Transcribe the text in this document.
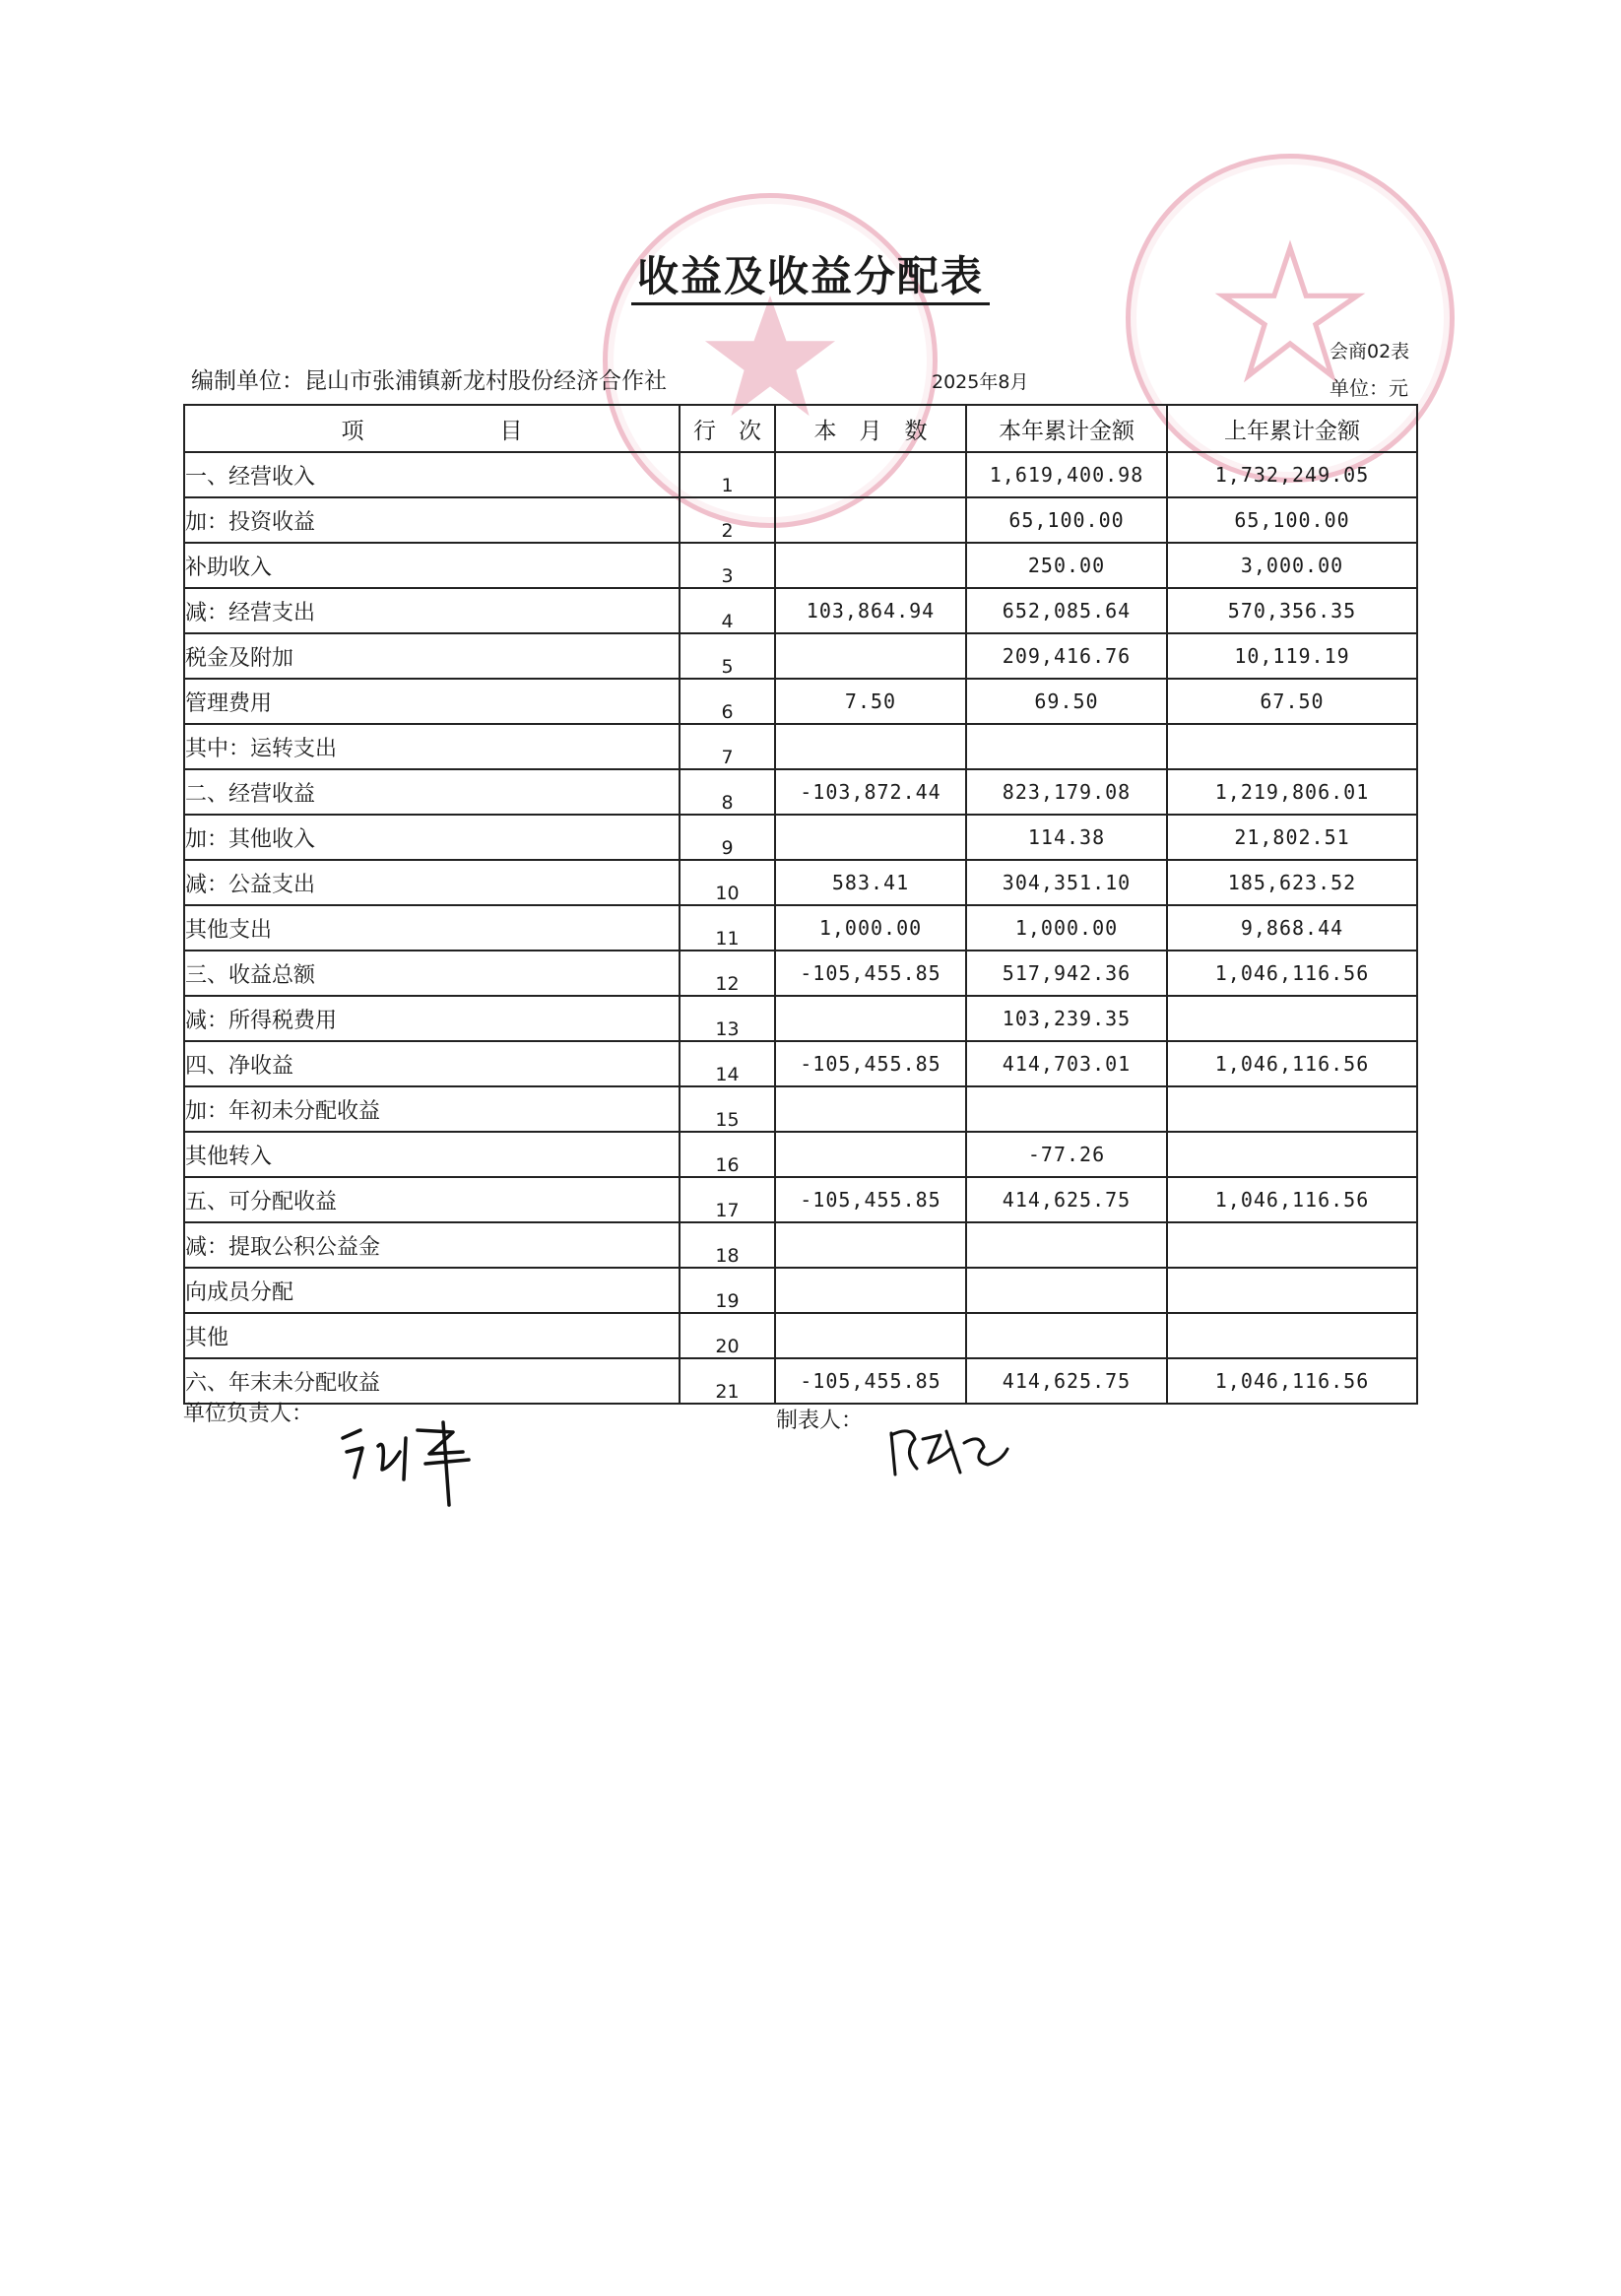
收益及收益分配表
会商02表
编制单位：昆山市张浦镇新龙村股份经济合作社	2025年8月	单位：元
项　　　　　　目	行　次	本　月　数	本年累计金额	上年累计金额
一、经营收入	1		1,619,400.98	1,732,249.05
加：投资收益	2		65,100.00	65,100.00
补助收入	3		250.00	3,000.00
减：经营支出	4	103,864.94	652,085.64	570,356.35
税金及附加	5		209,416.76	10,119.19
管理费用	6	7.50	69.50	67.50
其中：运转支出	7			
二、经营收益	8	-103,872.44	823,179.08	1,219,806.01
加：其他收入	9		114.38	21,802.51
减：公益支出	10	583.41	304,351.10	185,623.52
其他支出	11	1,000.00	1,000.00	9,868.44
三、收益总额	12	-105,455.85	517,942.36	1,046,116.56
减：所得税费用	13		103,239.35	
四、净收益	14	-105,455.85	414,703.01	1,046,116.56
加：年初未分配收益	15			
其他转入	16		-77.26	
五、可分配收益	17	-105,455.85	414,625.75	1,046,116.56
减：提取公积公益金	18			
向成员分配	19			
其他	20			
六、年末未分配收益	21	-105,455.85	414,625.75	1,046,116.56
单位负责人：	制表人：
